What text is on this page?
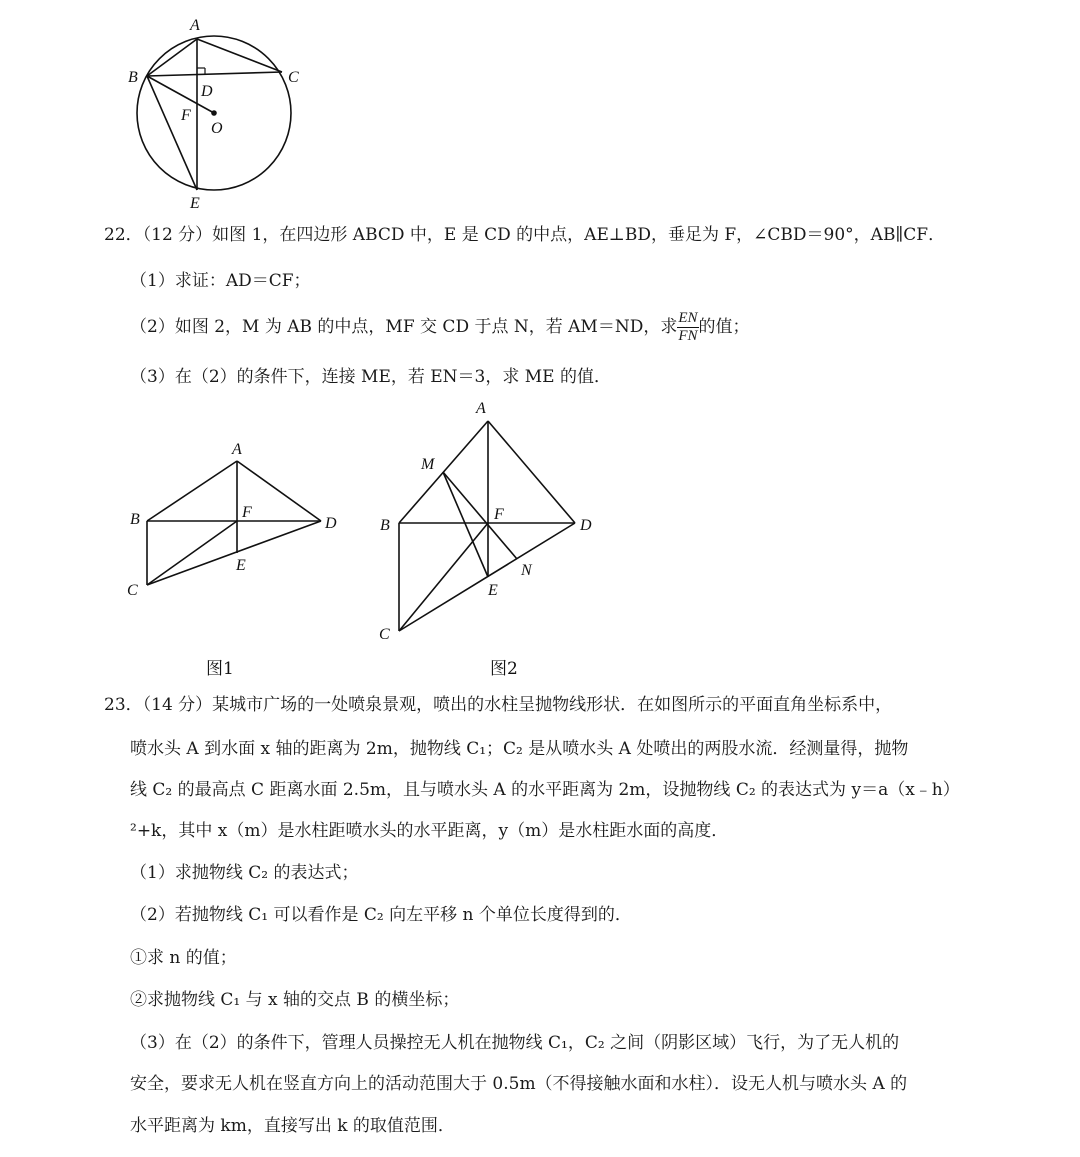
A
B	C
D
F
O
E
22．（12 分）如图 1，在四边形 ABCD 中，E 是 CD 的中点，AE⊥BD，垂足为 F，∠CBD＝90°，AB∥CF．
（1）求证：AD＝CF；
（2）如图 2，M 为 AB 的中点，MF 交 CD 于点 N，若 AM＝ND，求 $\frac{EN}{FN}$ 的值；
（3）在（2）的条件下，连接 ME，若 EN＝3，求 ME 的值．
A
B
C
D
F
E
图1
A
M
B
F
D
N
E
C
图2
23．（14 分）某城市广场的一处喷泉景观，喷出的水柱呈抛物线形状．在如图所示的平面直角坐标系中，
喷水头 A 到水面 x 轴的距离为 2m，抛物线 C₁；C₂ 是从喷水头 A 处喷出的两股水流．经测量得，抛物
线 C₂ 的最高点 C 距离水面 2.5m，且与喷水头 A 的水平距离为 2m，设抛物线 C₂ 的表达式为 y＝a（x﹣h）
²+k，其中 x（m）是水柱距喷水头的水平距离，y（m）是水柱距水面的高度．
（1）求抛物线 C₂ 的表达式；
（2）若抛物线 C₁ 可以看作是 C₂ 向左平移 n 个单位长度得到的．
①求 n 的值；
②求抛物线 C₁ 与 x 轴的交点 B 的横坐标；
（3）在（2）的条件下，管理人员操控无人机在抛物线 C₁，C₂ 之间（阴影区域）飞行，为了无人机的
安全，要求无人机在竖直方向上的活动范围大于 0.5m（不得接触水面和水柱）．设无人机与喷水头 A 的
水平距离为 km，直接写出 k 的取值范围．
